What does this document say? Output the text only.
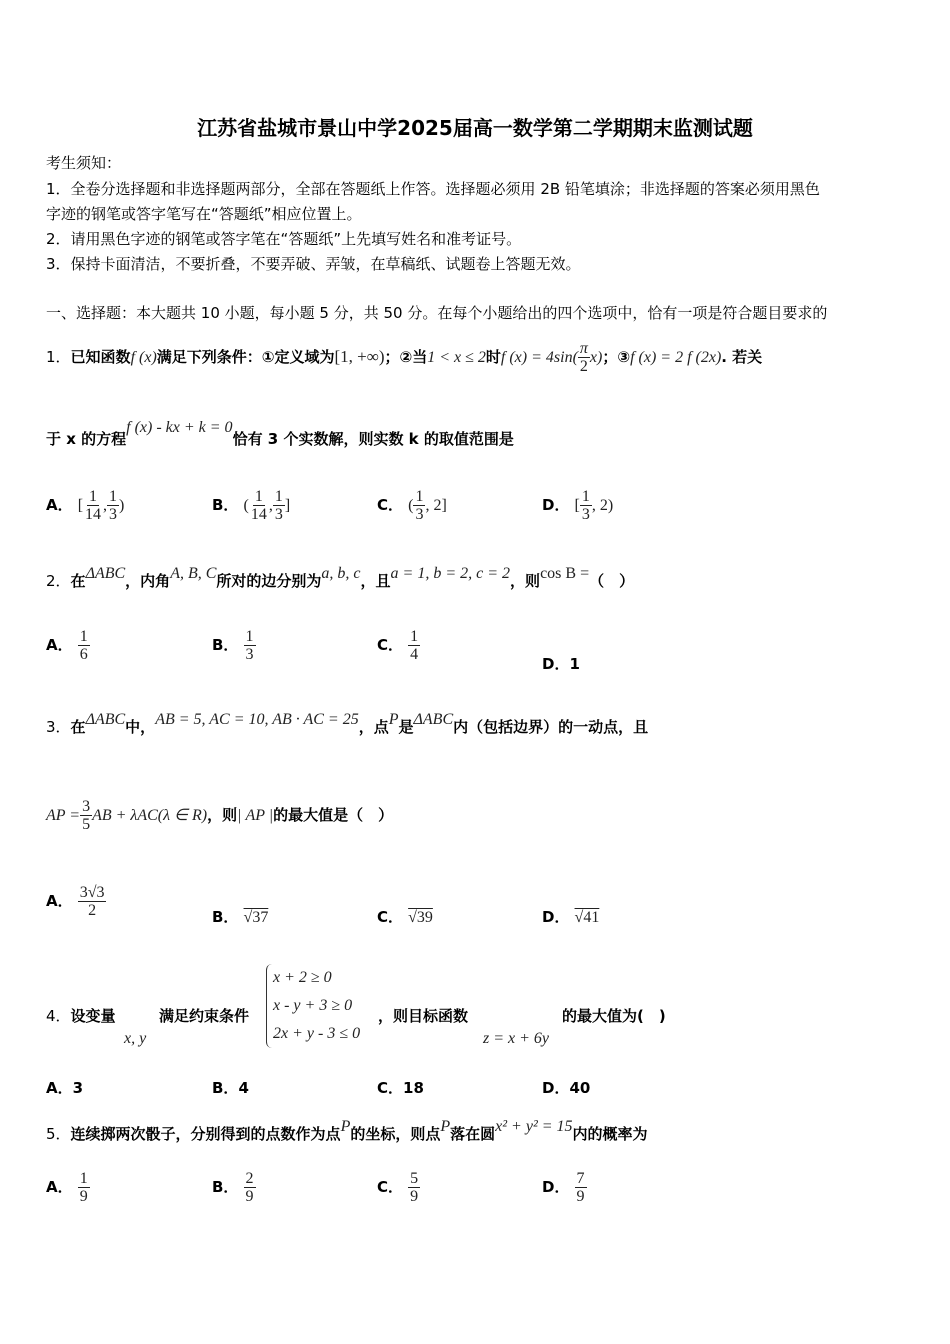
江苏省盐城市景山中学2025届高一数学第二学期期末监测试题
考生须知：
1．全卷分选择题和非选择题两部分，全部在答题纸上作答。选择题必须用 2B 铅笔填涂；非选择题的答案必须用黑色
字迹的钢笔或答字笔写在“答题纸”相应位置上。
2．请用黑色字迹的钢笔或答字笔在“答题纸”上先填写姓名和准考证号。
3．保持卡面清洁，不要折叠，不要弄破、弄皱，在草稿纸、试题卷上答题无效。
一、选择题：本大题共 10 小题，每小题 5 分，共 50 分。在每个小题给出的四个选项中，恰有一项是符合题目要求的
1．已知函数f (x)满足下列条件：①定义域为[1, +∞)；②当1 < x ≤ 2时f $(x) = 4\sin( \frac{\pi}{2} x)$；③f (x) = 2 f (2x). 若关
于 x 的方程f (x) - kx + k = 0恰有 3 个实数解，则实数 k 的取值范围是
A． [ $\frac{1}{14}$ , $\frac{1}{3}$ )	B． ( $\frac{1}{14}$ , $\frac{1}{3}$ ]	C． ( $\frac{1}{3}$ , 2]	D． [ $\frac{1}{3}$ , 2)
2．在ΔABC，内角A, B, C所对的边分别为a, b, c，且a = 1, b = 2, c = 2，则cos B =（　）
A． $\frac{1}{6}$	B． $\frac{1}{3}$	C． $\frac{1}{4}$
D．1
3．在ΔABC中，AB = 5, AC = 10, AB · AC = 25，点P是ΔABC内（包括边界）的一动点，且
AP = $\frac{3}{5}$ AB + λAC(λ ∈ R)，则| AP |的最大值是（　）
A． $\frac{3√3}{2}$	B． √37	C． √39	D． √41
4．设变量
x, y
满足约束条件
x + 2 ≥ 0
x - y + 3 ≥ 0
2x + y - 3 ≤ 0
，则目标函数
z = x + 6y
的最大值为(　)
A．3	B．4	C．18	D．40
5．连续掷两次骰子，分别得到的点数作为点P的坐标，则点P落在圆x² + y² = 15内的概率为
A． $\frac{1}{9}$	B． $\frac{2}{9}$	C． $\frac{5}{9}$	D． $\frac{7}{9}$
